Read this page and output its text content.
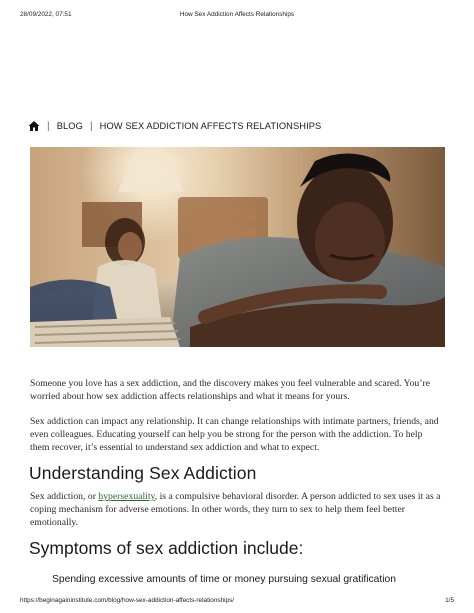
28/09/2022, 07:51	How Sex Addiction Affects Relationships
| BLOG | HOW SEX ADDICTION AFFECTS RELATIONSHIPS

Someone you love has a sex addiction, and the discovery makes you feel vulnerable and scared. You’re worried about how sex addiction affects relationships and what it means for yours.

Sex addiction can impact any relationship. It can change relationships with intimate partners, friends, and even colleagues. Educating yourself can help you be strong for the person with the addiction. To help them recover, it’s essential to understand sex addiction and what to expect.

Understanding Sex Addiction

Sex addiction, or hypersexuality, is a compulsive behavioral disorder. A person addicted to sex uses it as a coping mechanism for adverse emotions. In other words, they turn to sex to help them feel better emotionally.

Symptoms of sex addiction include:
Spending excessive amounts of time or money pursuing sexual gratification
https://beginagaininstitute.com/blog/how-sex-addiction-affects-relationships/	1/5
